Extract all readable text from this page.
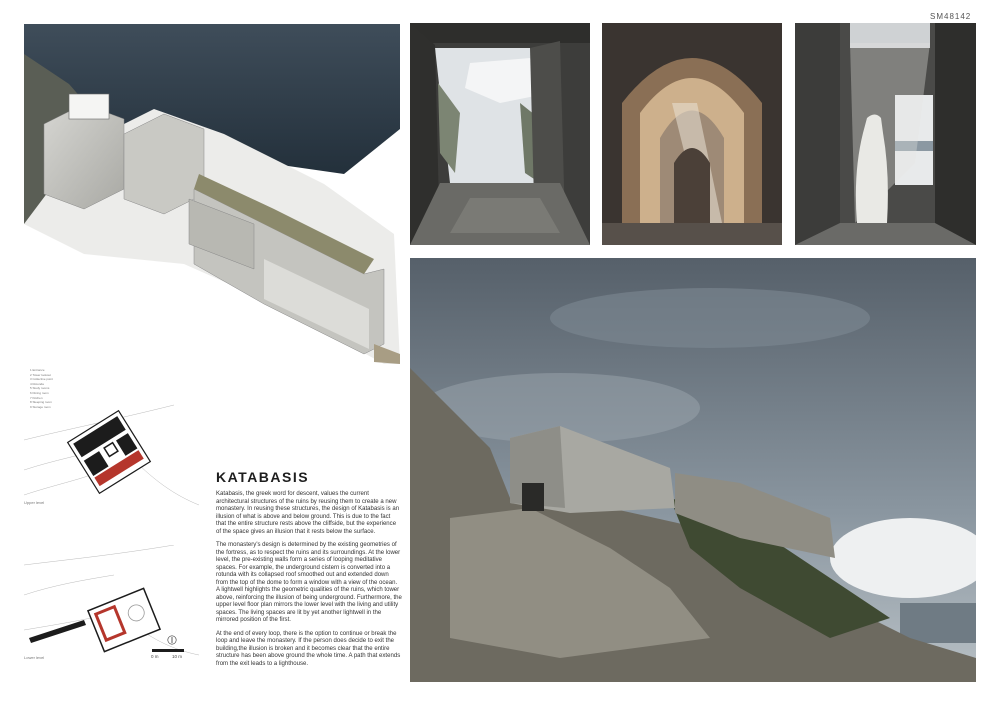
SM48142
1 Entrance
2 Tower lookout
3 Collective point
4 Rotunda
5 Study rooms
6 Dining room
7 Kitchen
8 Sleeping room
9 Storage room
Upper level
Lower level	0 m	10 m
KATABASIS

Katabasis, the greek word for descent, values the current architectural structures of the ruins by reusing them to create a new monastery. In reusing these structures, the design of Katabasis is an illusion of what is above and below ground. This is due to the fact that the entire structure rests above the cliffside, but the experience of the space gives an illusion that it rests below the surface.

The monastery's design is determined by the existing geometries of the fortress, as to respect the ruins and its surroundings. At the lower level, the pre-existing walls form a series of looping meditative spaces. For example, the underground cistern is converted into a rotunda with its collapsed roof smoothed out and extended down from the top of the dome to form a window with a view of the ocean. A lightwell highlights the geometric qualities of the ruins, which tower above, reinforcing the illusion of being underground. Furthermore, the upper level floor plan mirrors the lower level with the living and utility spaces. The living spaces are lit by yet another lightwell in the mirrored position of the first.

At the end of every loop, there is the option to continue or break the loop and leave the monastery. If the person does decide to exit the building,the illusion is broken and it becomes clear that the entire structure has been above ground the whole time. A path that extends from the exit leads to a lighthouse.
